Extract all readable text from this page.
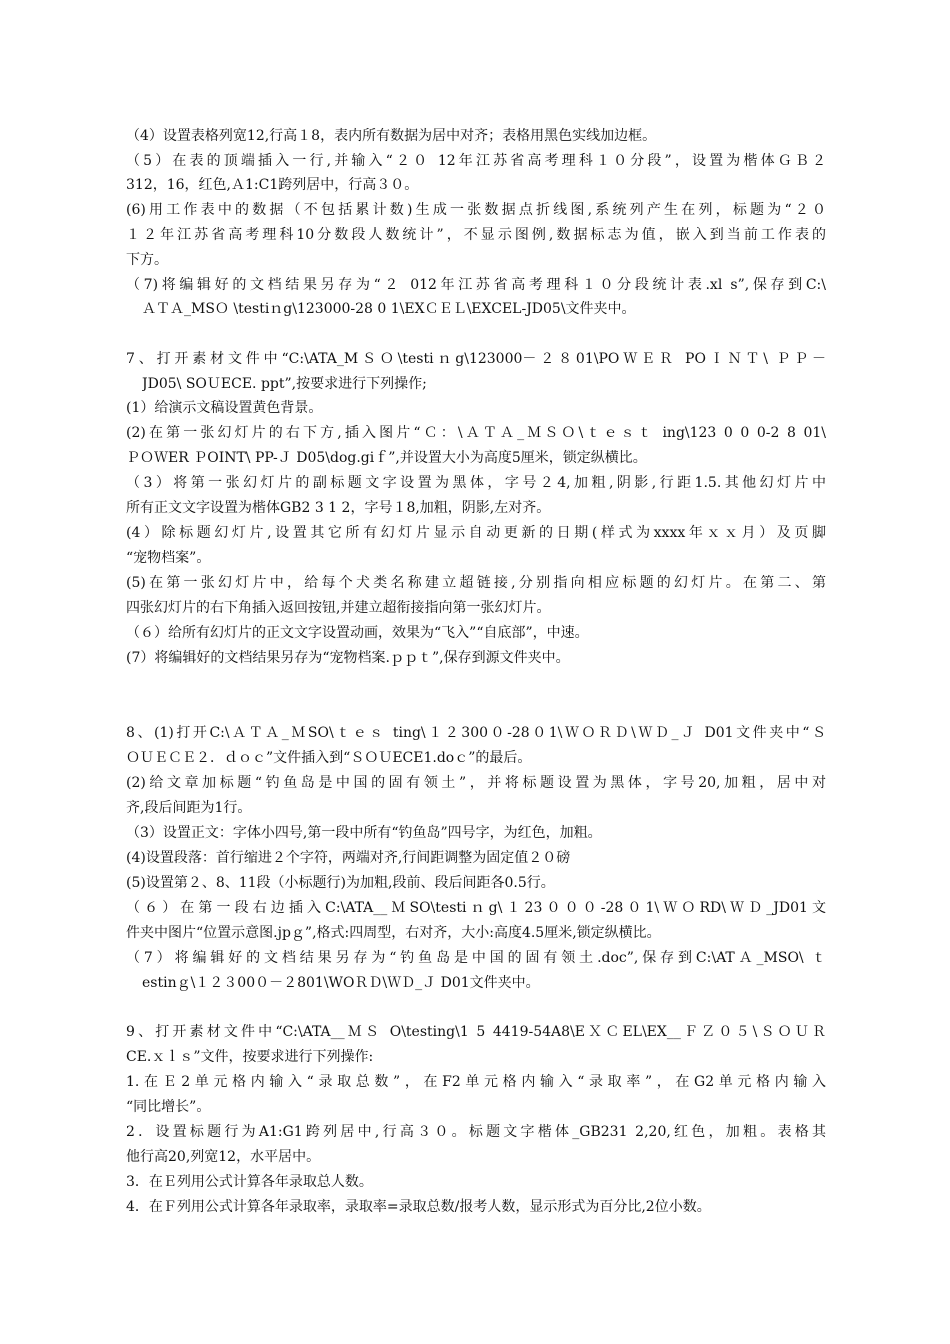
（4）设置表格列宽12,行高１8，表内所有数据为居中对齐；表格用黑色实线加边框。
（5）在表的顶端插入一行,并输入“２０ 12年江苏省高考理科１０分段”，设置为楷体ＧＢ２
312，16，红色,Ａ1:C1跨列居中，行高３０。
(6)用工作表中的数据（不包括累计数)生成一张数据点折线图,系统列产生在列，标题为“２０
１２年江苏省高考理科10分数段人数统计”，不显示图例,数据标志为值，嵌入到当前工作表的
下方。
（7)将编辑好的文档结果另存为“２ 012年江苏省高考理科１０分段统计表.xl s”,保存到C:\
ＡＴＡ_MSＯ \testiｎg\123000-28 0 1\EXＣＥＬ\EXCEL-JD05\文件夹中。
7、打开素材文件中“C:\ATA_MＳＯ\testiｎg\123000－２８01\POＷＥＲ POＩＮＴ\ ＰＰ－
JD05\ SOＵECE. ppt”,按要求进行下列操作;
(1）给演示文稿设置黄色背景。
(2)在第一张幻灯片的右下方,插入图片“Ｃ：\ＡＴＡ_ＭＳＯ\ｔｅｓｔ ing\123 0 0 0-2 8 01\
ＰＯＷER ＰOINT\ PP-Ｊ D05\dog.giｆ”,并设置大小为高度5厘米，锁定纵横比。
（3）将第一张幻灯片的副标题文字设置为黑体，字号２4,加粗,阴影,行距1.5.其他幻灯片中
所有正文文字设置为楷体GB2 3 1 2，字号１8,加粗，阴影,左对齐。
(4）除标题幻灯片,设置其它所有幻灯片显示自动更新的日期(样式为xxxx年ｘｘ月）及页脚
“宠物档案”。
(5)在第一张幻灯片中，给每个犬类名称建立超链接,分别指向相应标题的幻灯片。在第二、第
四张幻灯片的右下角插入返回按钮,并建立超衔接指向第一张幻灯片。
（６）给所有幻灯片的正文文字设置动画，效果为“飞入”“自底部”，中速。
(7）将编辑好的文档结果另存为“宠物档案.ｐｐｔ”,保存到源文件夹中。
8、(1)打开C:\ＡＴＡ_ＭSO\ｔｅｓ ting\１２300０-28０1\ＷＯＲＤ\ＷＤ_Ｊ D01文件夹中“Ｓ
ＯＵＥＣＥ２．ｄｏｃ”文件插入到“ＳＯＵECE1.doｃ”的最后。
(2)给文章加标题“钓鱼岛是中国的固有领土”，并将标题设置为黑体，字号20,加粗，居中对
齐,段后间距为1行。
（3）设置正文：字体小四号,第一段中所有“钓鱼岛”四号字，为红色，加粗。
(4)设置段落：首行缩进２个字符，两端对齐,行间距调整为固定值２０磅
(5)设置第２、8、11段（小标题行)为加粗,段前、段后间距各0.5行。
（６）在第一段右边插入C:\ATA__ＭSO\testiｎg\１23０００-28０1\ＷＯRD\ＷＤ_JD01文
件夹中图片“位置示意图.jpｇ”,格式:四周型，右对齐，大小:高度4.5厘米,锁定纵横比。
（7）将编辑好的文档结果另存为“钓鱼岛是中国的固有领土.doc”,保存到C:\ATＡ_MSO\ ｔ
estinｇ\１２３00０－２801\WOＲＤ\ＷＤ_Ｊ D01文件夹中。
9、打开素材文件中“C:\ATA__ＭＳ O\testing\1 5 4419-54A8\EＸＣEL\EX__ＦＺ０５\ＳＯＵＲ
CE.ｘｌｓ”文件，按要求进行下列操作:
1.在Ｅ2单元格内输入“录取总数”，在F2单元格内输入“录取率”，在G2单元格内输入
“同比增长”。
2．设置标题行为A1:G1跨列居中,行高３０。标题文字楷体_GB231 2,20,红色，加粗。表格其
他行高20,列宽12，水平居中。
3．在Ｅ列用公式计算各年录取总人数。
4．在Ｆ列用公式计算各年录取率，录取率=录取总数/报考人数，显示形式为百分比,2位小数。
